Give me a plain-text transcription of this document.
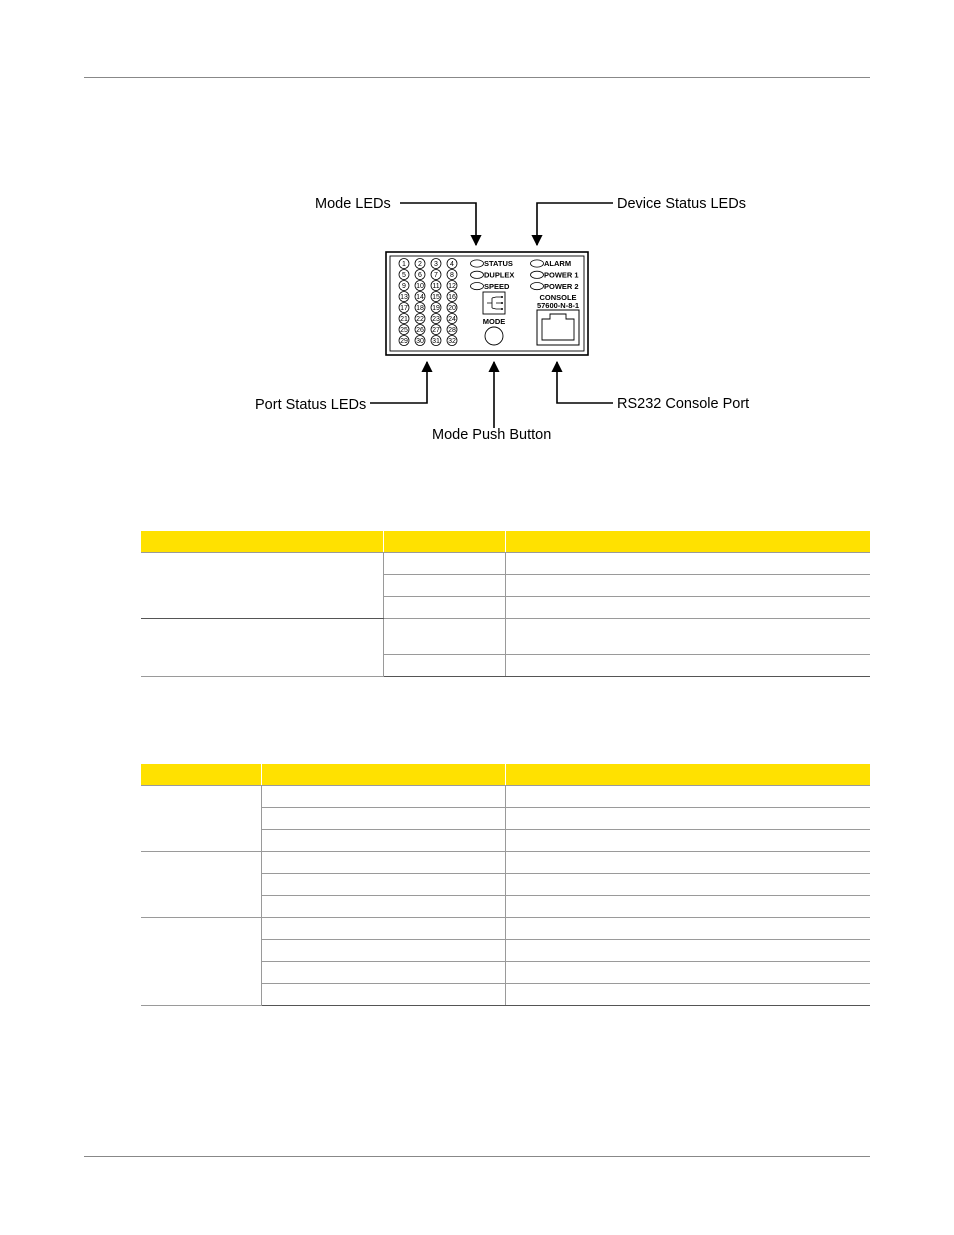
Mode LEDs	Device Status LEDs
Port Status LEDs	RS232 Console Port
Mode Push Button
1 2 3 4
5 6 7 8
9 10 11 12
13 14 15 16
17 18 19 20
21 22 23 24
25 26 27 28
29 30 31 32
STATUS
DUPLEX
SPEED
ALARM
POWER 1
POWER 2
MODE
CONSOLE
57600-N-8-1
